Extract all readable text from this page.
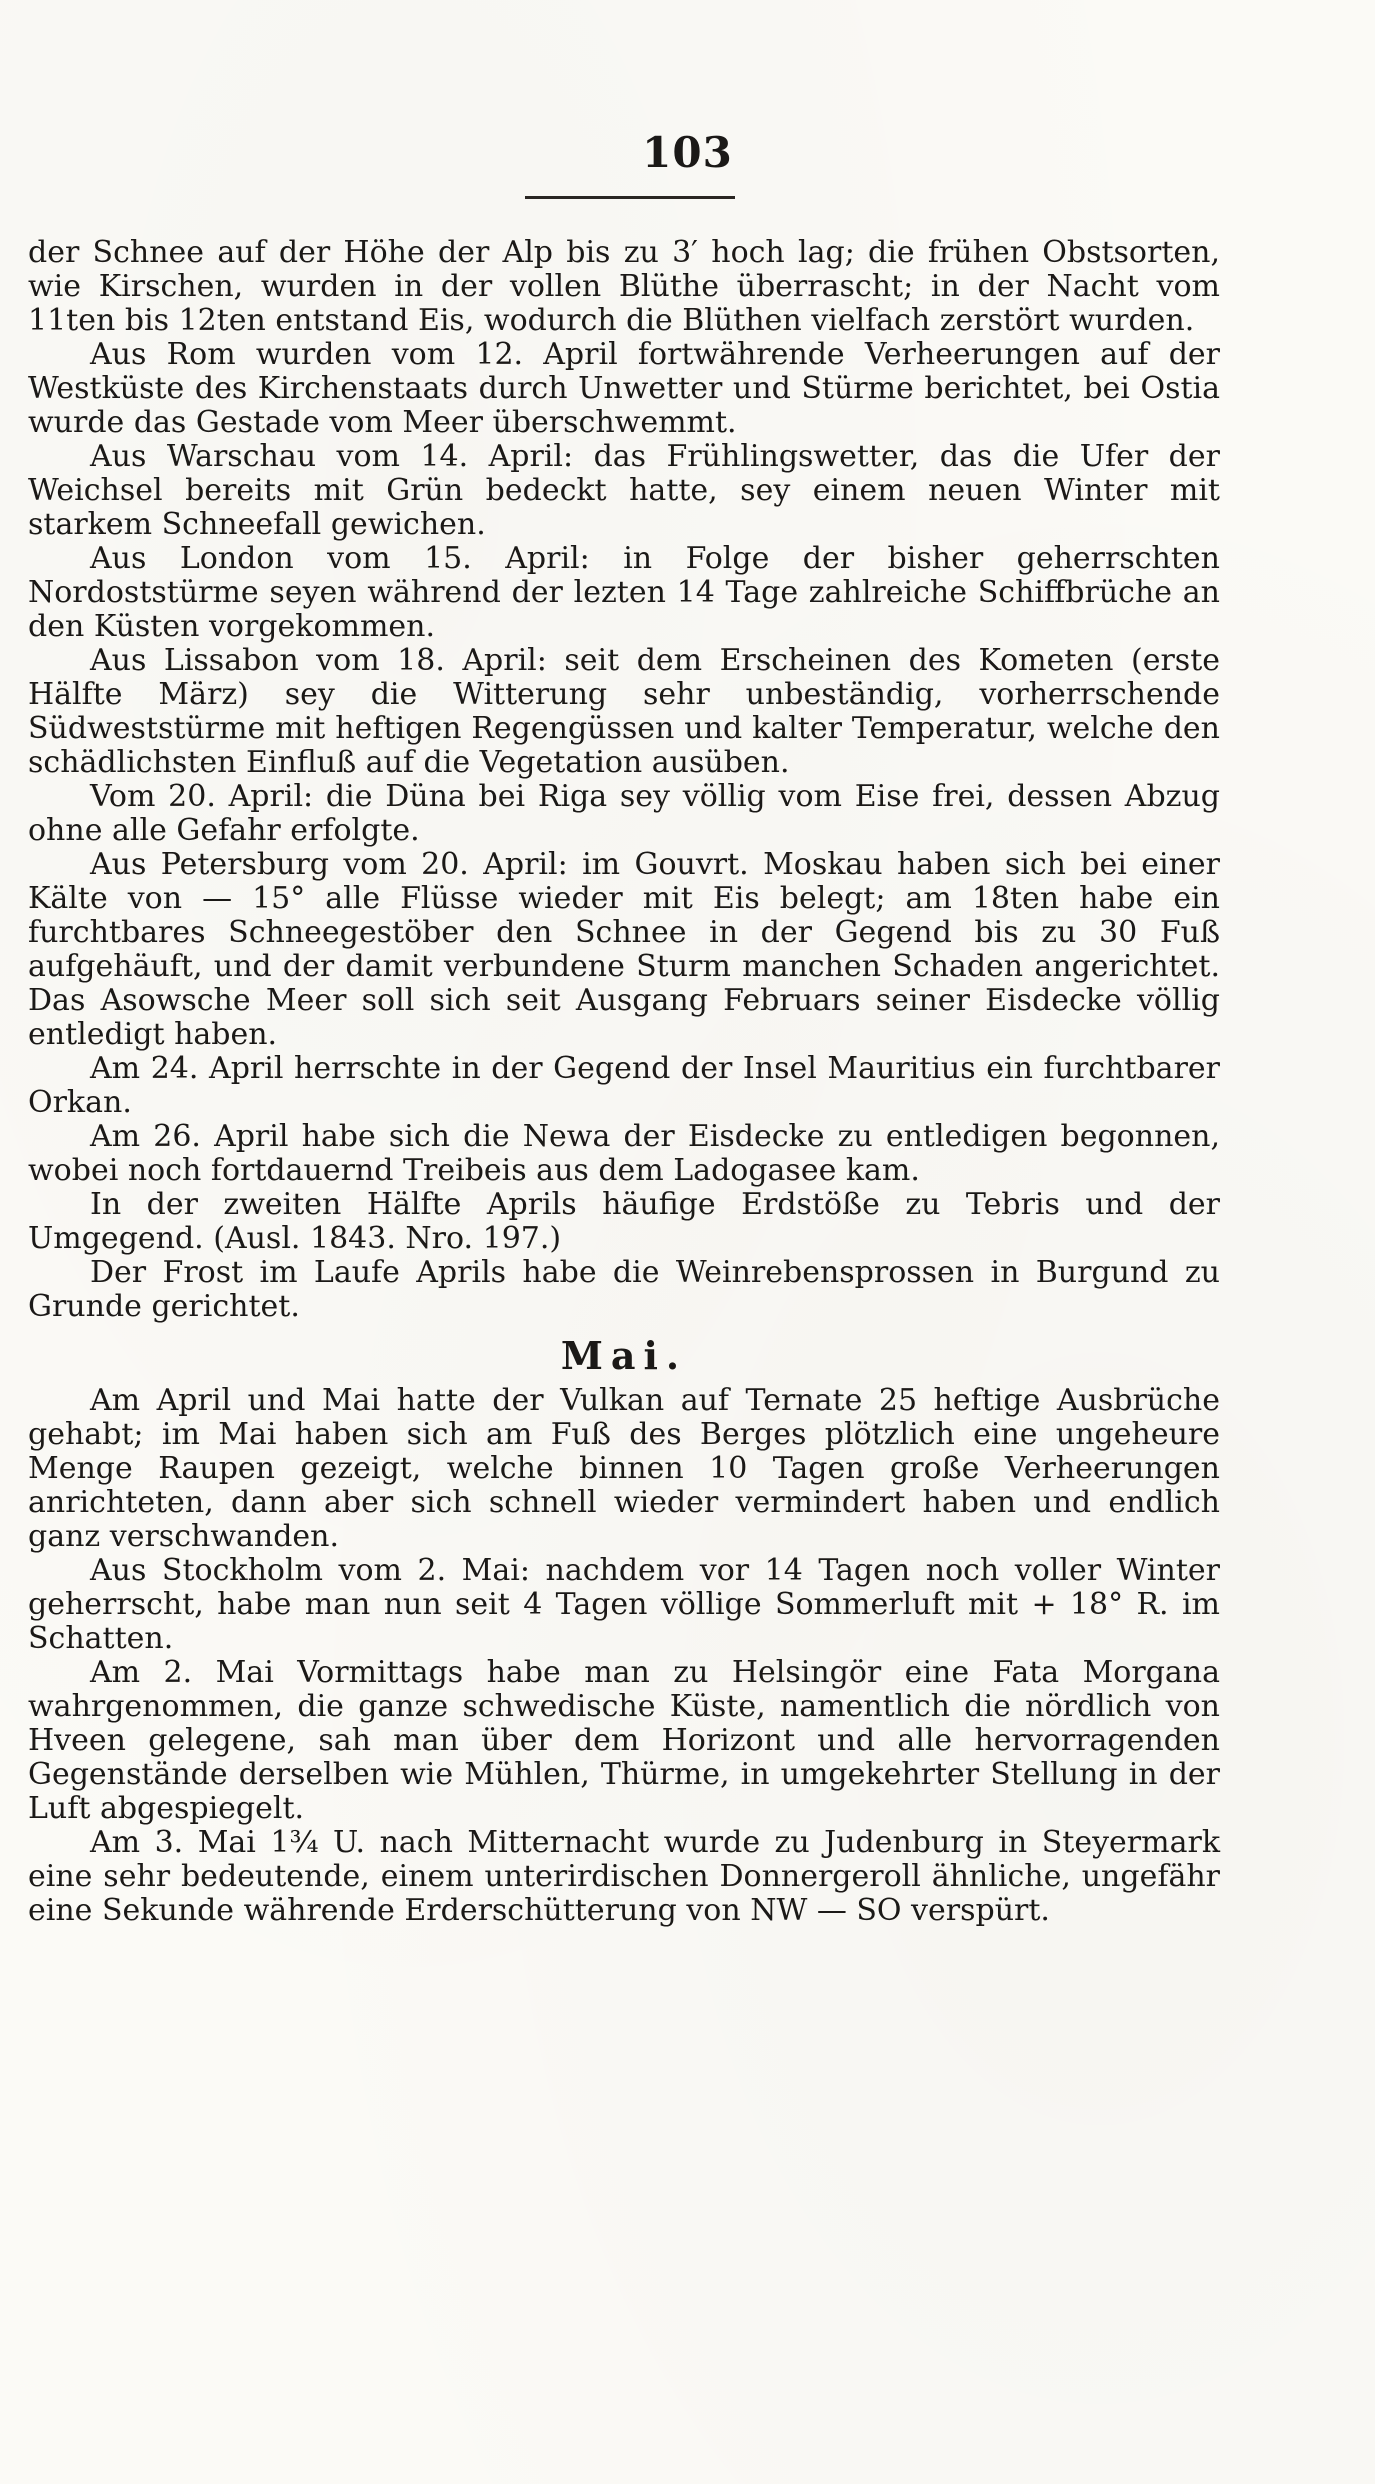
103

der Schnee auf der Höhe der Alp bis zu 3′ hoch lag; die frühen Obstsorten, wie Kirschen, wurden in der vollen Blüthe überrascht; in der Nacht vom 11ten bis 12ten entstand Eis, wodurch die Blüthen vielfach zerstört wurden.

Aus Rom wurden vom 12. April fortwährende Verheerungen auf der Westküste des Kirchenstaats durch Unwetter und Stürme berichtet, bei Ostia wurde das Gestade vom Meer überschwemmt.

Aus Warschau vom 14. April: das Frühlingswetter, das die Ufer der Weichsel bereits mit Grün bedeckt hatte, sey einem neuen Winter mit starkem Schneefall gewichen.

Aus London vom 15. April: in Folge der bisher geherrschten Nordoststürme seyen während der lezten 14 Tage zahlreiche Schiffbrüche an den Küsten vorgekommen.

Aus Lissabon vom 18. April: seit dem Erscheinen des Kometen (erste Hälfte März) sey die Witterung sehr unbeständig, vorherrschende Südweststürme mit heftigen Regengüssen und kalter Temperatur, welche den schädlichsten Einfluß auf die Vegetation ausüben.

Vom 20. April: die Düna bei Riga sey völlig vom Eise frei, dessen Abzug ohne alle Gefahr erfolgte.

Aus Petersburg vom 20. April: im Gouvrt. Moskau haben sich bei einer Kälte von — 15° alle Flüsse wieder mit Eis belegt; am 18ten habe ein furchtbares Schneegestöber den Schnee in der Gegend bis zu 30 Fuß aufgehäuft, und der damit verbundene Sturm manchen Schaden angerichtet. Das Asowsche Meer soll sich seit Ausgang Februars seiner Eisdecke völlig entledigt haben.

Am 24. April herrschte in der Gegend der Insel Mauritius ein furchtbarer Orkan.

Am 26. April habe sich die Newa der Eisdecke zu entledigen begonnen, wobei noch fortdauernd Treibeis aus dem Ladogasee kam.

In der zweiten Hälfte Aprils häufige Erdstöße zu Tebris und der Umgegend. (Ausl. 1843. Nro. 197.)

Der Frost im Laufe Aprils habe die Weinrebensprossen in Burgund zu Grunde gerichtet.

Mai.

Am April und Mai hatte der Vulkan auf Ternate 25 heftige Ausbrüche gehabt; im Mai haben sich am Fuß des Berges plötzlich eine ungeheure Menge Raupen gezeigt, welche binnen 10 Tagen große Verheerungen anrichteten, dann aber sich schnell wieder vermindert haben und endlich ganz verschwanden.

Aus Stockholm vom 2. Mai: nachdem vor 14 Tagen noch voller Winter geherrscht, habe man nun seit 4 Tagen völlige Sommerluft mit + 18° R. im Schatten.

Am 2. Mai Vormittags habe man zu Helsingör eine Fata Morgana wahrgenommen, die ganze schwedische Küste, namentlich die nördlich von Hveen gelegene, sah man über dem Horizont und alle hervorragenden Gegenstände derselben wie Mühlen, Thürme, in umgekehrter Stellung in der Luft abgespiegelt.

Am 3. Mai 1¾ U. nach Mitternacht wurde zu Judenburg in Steyermark eine sehr bedeutende, einem unterirdischen Donnergeroll ähnliche, ungefähr eine Sekunde währende Erderschütterung von NW — SO verspürt.
